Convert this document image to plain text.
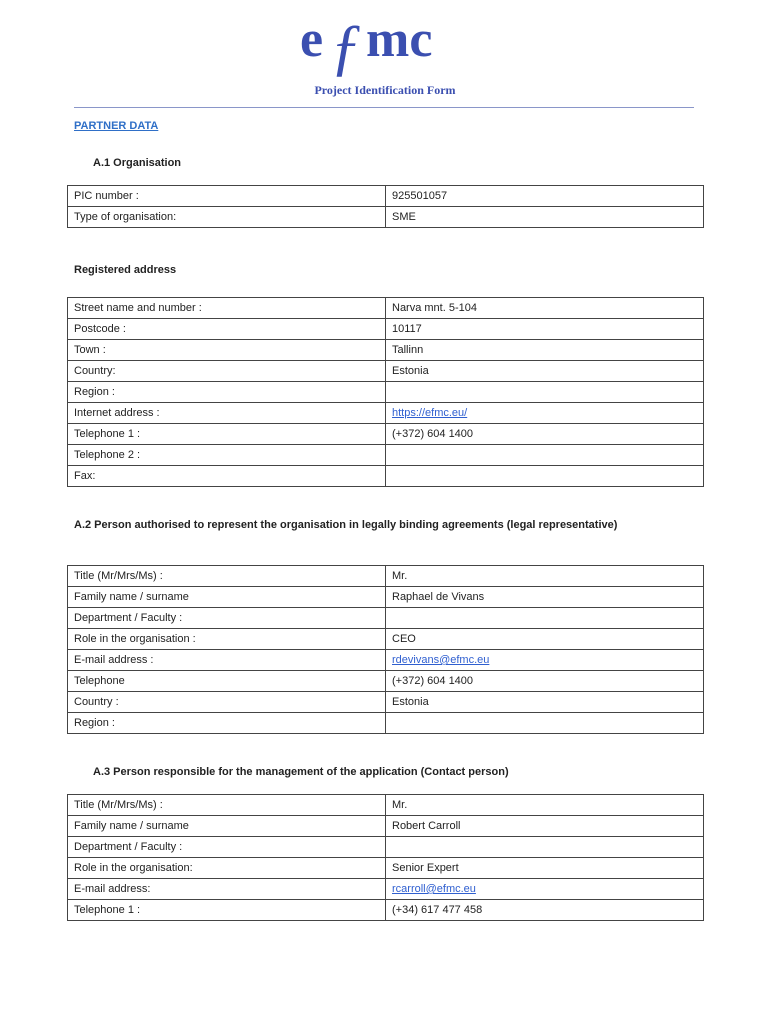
e ƒ mc
Project Identification Form
PARTNER DATA
A.1 Organisation
PIC number :	925501057
Type of organisation:	SME
Registered address
Street name and number :	Narva mnt. 5-104
Postcode :	10117
Town :	Tallinn
Country:	Estonia
Region :	
Internet address :	https://efmc.eu/
Telephone 1 :	(+372) 604 1400
Telephone 2 :	
Fax:	
A.2 Person authorised to represent the organisation in legally binding agreements (legal representative)
Title (Mr/Mrs/Ms) :	Mr.
Family name / surname	Raphael de Vivans
Department / Faculty :	
Role in the organisation :	CEO
E-mail address :	rdevivans@efmc.eu
Telephone	(+372) 604 1400
Country :	Estonia
Region :	
A.3 Person responsible for the management of the application (Contact person)
Title (Mr/Mrs/Ms) :	Mr.
Family name / surname	Robert Carroll
Department / Faculty :	
Role in the organisation:	Senior Expert
E-mail address:	rcarroll@efmc.eu
Telephone 1 :	(+34) 617 477 458
